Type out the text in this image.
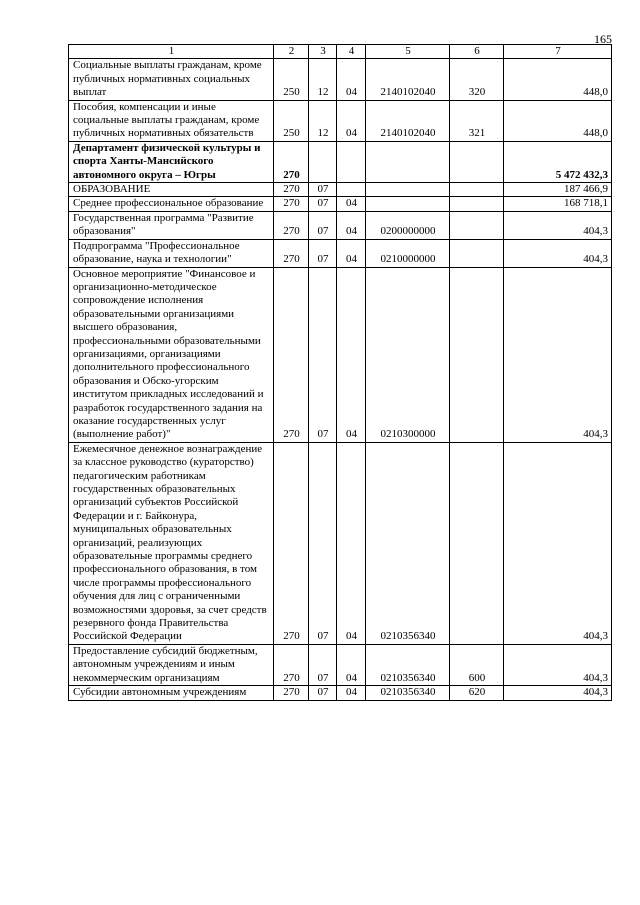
165
1	2	3	4	5	6	7
Социальные выплаты гражданам, кроме публичных нормативных социальных выплат	250	12	04	2140102040	320	448,0
Пособия, компенсации и иные социальные выплаты гражданам, кроме публичных нормативных обязательств	250	12	04	2140102040	321	448,0
Департамент физической культуры и спорта Ханты-Мансийского автономного округа – Югры	270					5 472 432,3
ОБРАЗОВАНИЕ	270	07				187 466,9
Среднее профессиональное образование	270	07	04			168 718,1
Государственная программа "Развитие образования"	270	07	04	0200000000		404,3
Подпрограмма "Профессиональное образование, наука и технологии"	270	07	04	0210000000		404,3
Основное мероприятие "Финансовое и организационно-методическое сопровождение исполнения образовательными организациями высшего образования, профессиональными образовательными организациями, организациями дополнительного профессионального образования и Обско-угорским институтом прикладных исследований и разработок государственного задания на оказание государственных услуг (выполнение работ)"	270	07	04	0210300000		404,3
Ежемесячное денежное вознаграждение за классное руководство (кураторство) педагогическим работникам государственных образовательных организаций субъектов Российской Федерации и г. Байконура, муниципальных образовательных организаций, реализующих образовательные программы среднего профессионального образования, в том числе программы профессионального обучения для лиц с ограниченными возможностями здоровья, за счет средств резервного фонда Правительства Российской Федерации	270	07	04	0210356340		404,3
Предоставление субсидий бюджетным, автономным учреждениям и иным некоммерческим организациям	270	07	04	0210356340	600	404,3
Субсидии автономным учреждениям	270	07	04	0210356340	620	404,3
